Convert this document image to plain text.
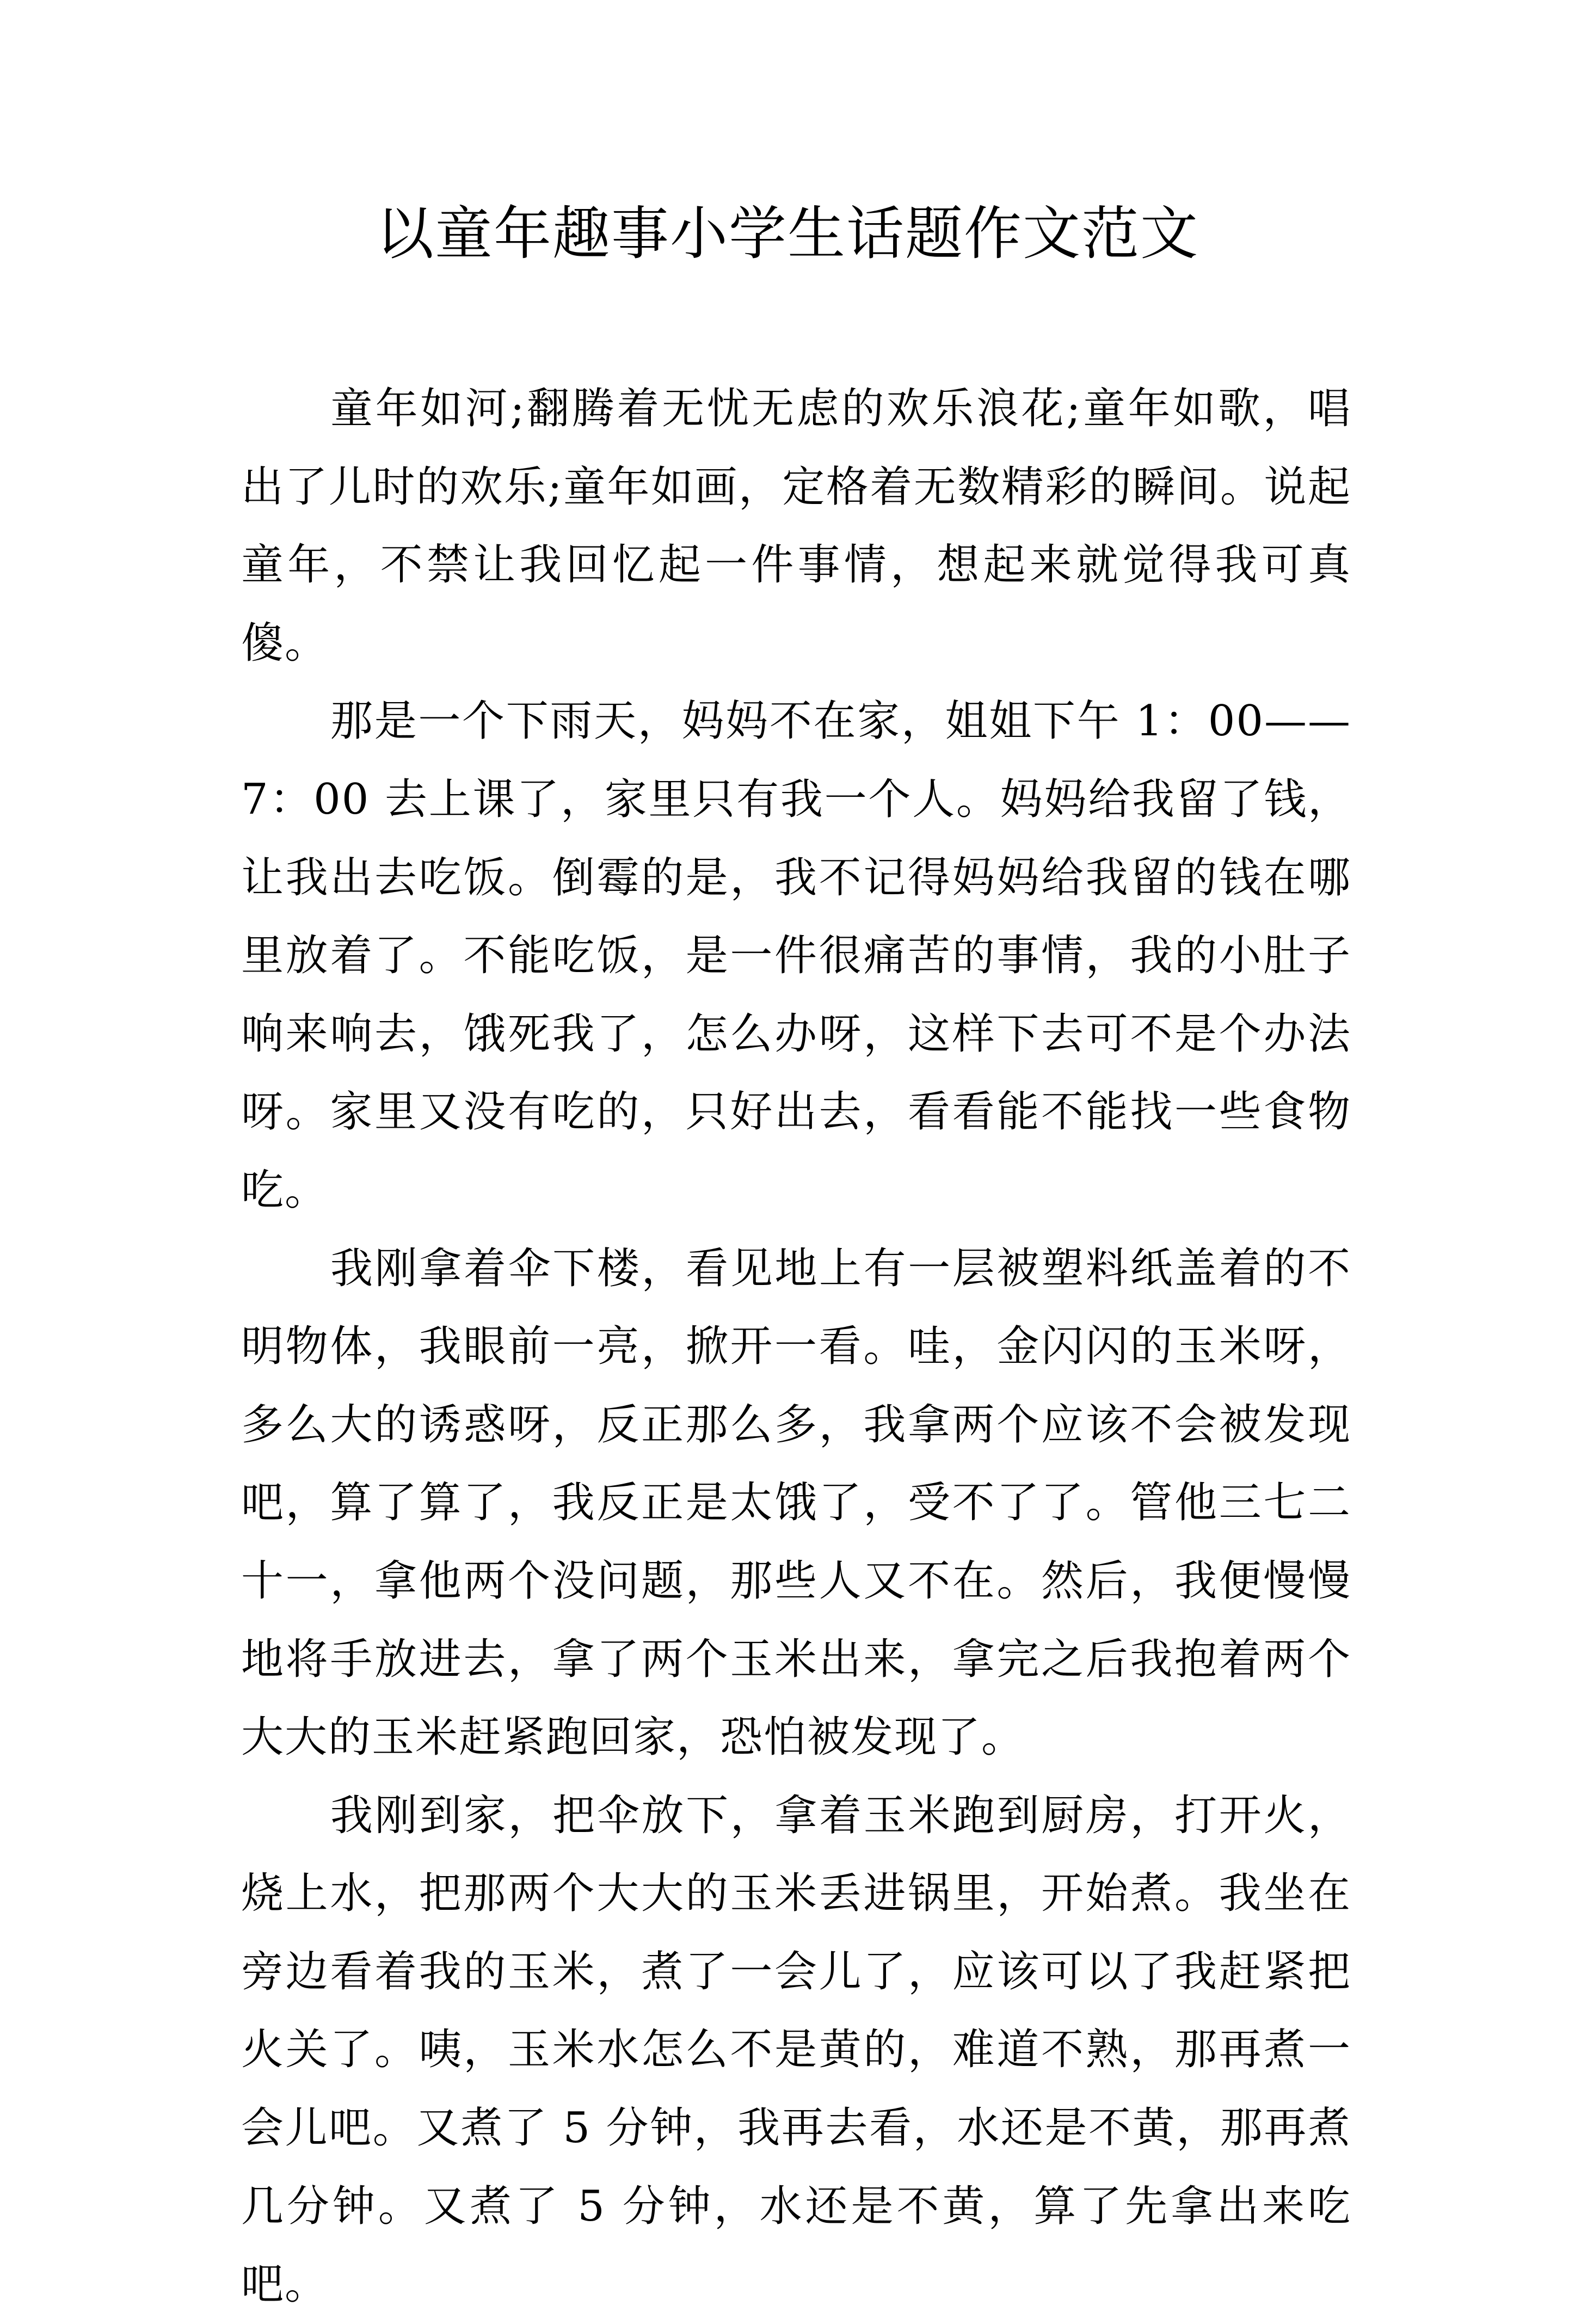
以童年趣事小学生话题作文范文

童年如河;翻腾着无忧无虑的欢乐浪花;童年如歌，唱出了儿时的欢乐;童年如画，定格着无数精彩的瞬间。说起童年，不禁让我回忆起一件事情，想起来就觉得我可真傻。

那是一个下雨天，妈妈不在家，姐姐下午 1：00——7：00 去上课了，家里只有我一个人。妈妈给我留了钱，让我出去吃饭。倒霉的是，我不记得妈妈给我留的钱在哪里放着了。不能吃饭，是一件很痛苦的事情，我的小肚子响来响去，饿死我了，怎么办呀，这样下去可不是个办法呀。家里又没有吃的，只好出去，看看能不能找一些食物吃。

我刚拿着伞下楼，看见地上有一层被塑料纸盖着的不明物体，我眼前一亮，掀开一看。哇，金闪闪的玉米呀，多么大的诱惑呀，反正那么多，我拿两个应该不会被发现吧，算了算了，我反正是太饿了，受不了了。管他三七二十一，拿他两个没问题，那些人又不在。然后，我便慢慢地将手放进去，拿了两个玉米出来，拿完之后我抱着两个大大的玉米赶紧跑回家，恐怕被发现了。

我刚到家，把伞放下，拿着玉米跑到厨房，打开火，烧上水，把那两个大大的玉米丢进锅里，开始煮。我坐在旁边看着我的玉米，煮了一会儿了，应该可以了我赶紧把火关了。咦，玉米水怎么不是黄的，难道不熟，那再煮一会儿吧。又煮了 5 分钟，我再去看，水还是不黄，那再煮几分钟。又煮了 5 分钟，水还是不黄，算了先拿出来吃吧。
